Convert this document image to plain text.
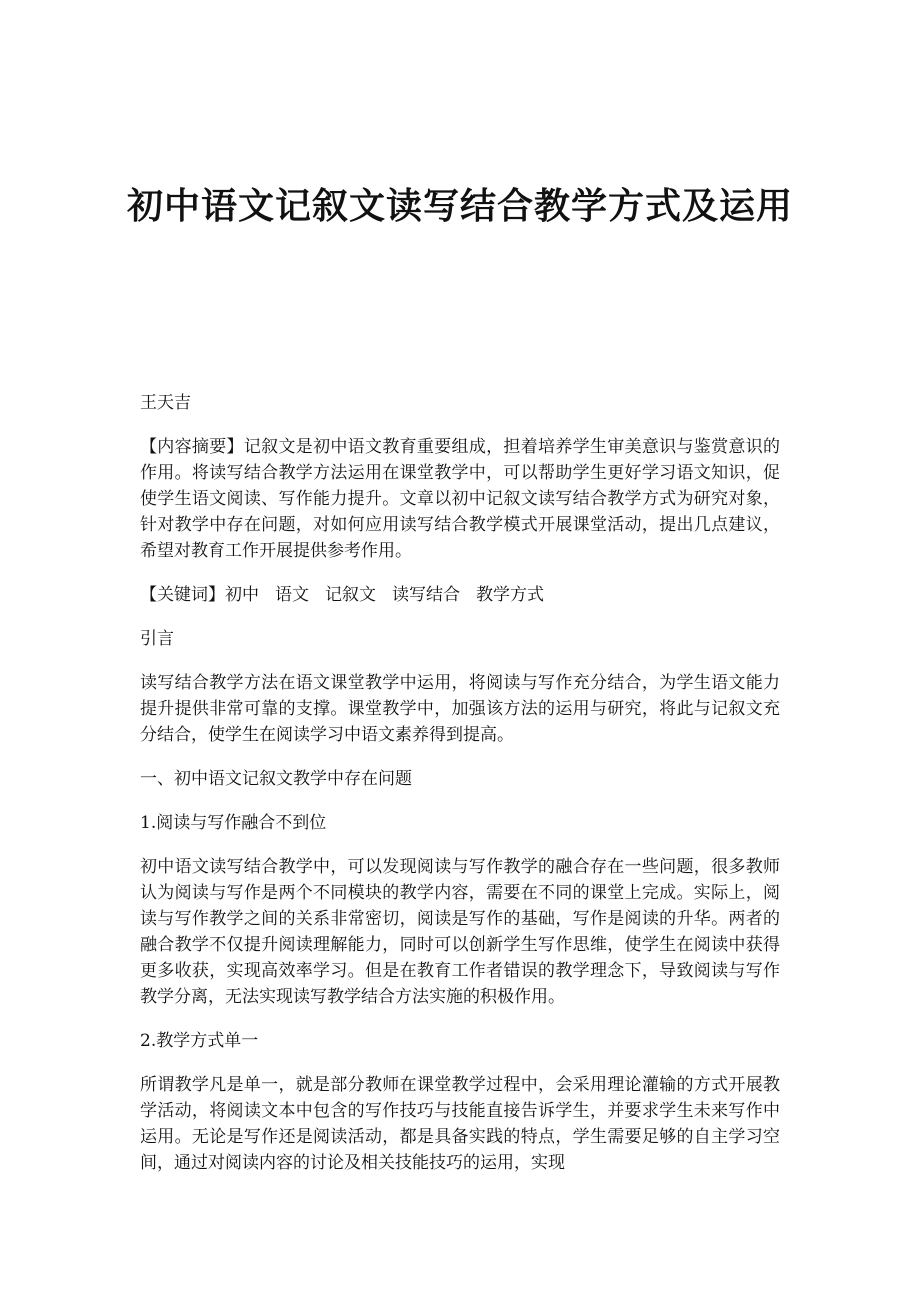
初中语文记叙文读写结合教学方式及运用

王天吉

【内容摘要】记叙文是初中语文教育重要组成，担着培养学生审美意识与鉴赏意识的作用。将读写结合教学方法运用在课堂教学中，可以帮助学生更好学习语文知识，促使学生语文阅读、写作能力提升。文章以初中记叙文读写结合教学方式为研究对象，针对教学中存在问题，对如何应用读写结合教学模式开展课堂活动，提出几点建议，希望对教育工作开展提供参考作用。

【关键词】初中 语文 记叙文 读写结合 教学方式

引言

读写结合教学方法在语文课堂教学中运用，将阅读与写作充分结合，为学生语文能力提升提供非常可靠的支撑。课堂教学中，加强该方法的运用与研究，将此与记叙文充分结合，使学生在阅读学习中语文素养得到提高。

一、初中语文记叙文教学中存在问题

1.阅读与写作融合不到位

初中语文读写结合教学中，可以发现阅读与写作教学的融合存在一些问题，很多教师认为阅读与写作是两个不同模块的教学内容，需要在不同的课堂上完成。实际上，阅读与写作教学之间的关系非常密切，阅读是写作的基础，写作是阅读的升华。两者的融合教学不仅提升阅读理解能力，同时可以创新学生写作思维，使学生在阅读中获得更多收获，实现高效率学习。但是在教育工作者错误的教学理念下，导致阅读与写作教学分离，无法实现读写教学结合方法实施的积极作用。

2.教学方式单一

所谓教学凡是单一，就是部分教师在课堂教学过程中，会采用理论灌输的方式开展教学活动，将阅读文本中包含的写作技巧与技能直接告诉学生，并要求学生未来写作中运用。无论是写作还是阅读活动，都是具备实践的特点，学生需要足够的自主学习空间，通过对阅读内容的讨论及相关技能技巧的运用，实现
